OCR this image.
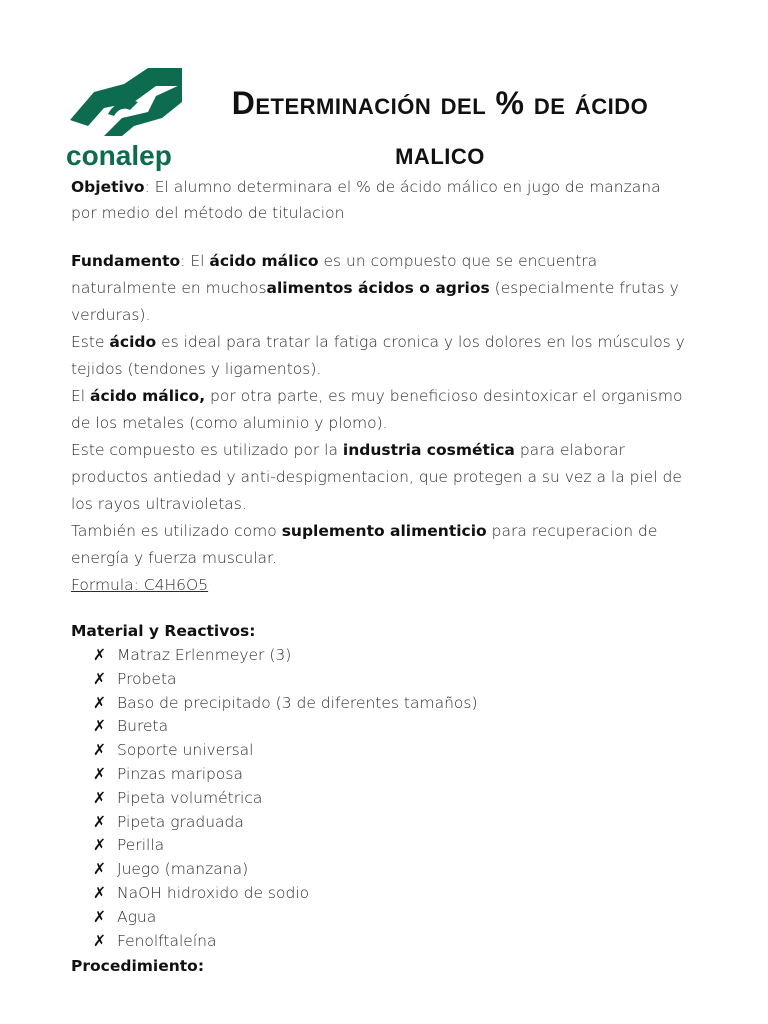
conalep
Determinación del % de ácido malico

Objetivo: El alumno determinara el % de ácido málico en jugo de manzana por medio del método de titulacion

Fundamento: El ácido málico es un compuesto que se encuentra naturalmente en muchosalimentos ácidos o agrios (especialmente frutas y verduras).

Este ácido es ideal para tratar la fatiga cronica y los dolores en los músculos y tejidos (tendones y ligamentos).

El ácido málico, por otra parte, es muy beneficioso desintoxicar el organismo de los metales (como aluminio y plomo).

Este compuesto es utilizado por la industria cosmética para elaborar productos antiedad y anti-despigmentacion, que protegen a su vez a la piel de los rayos ultravioletas.

También es utilizado como suplemento alimenticio para recuperacion de energía y fuerza muscular.

Formula: C4H6O5

Material y Reactivos:

✗ Matraz Erlenmeyer (3)
✗ Probeta
✗ Baso de precipitado (3 de diferentes tamaños)
✗ Bureta
✗ Soporte universal
✗ Pinzas mariposa
✗ Pipeta volumétrica
✗ Pipeta graduada
✗ Perilla
✗ Juego (manzana)
✗ NaOH hidroxido de sodio
✗ Agua
✗ Fenolftaleína

Procedimiento:
